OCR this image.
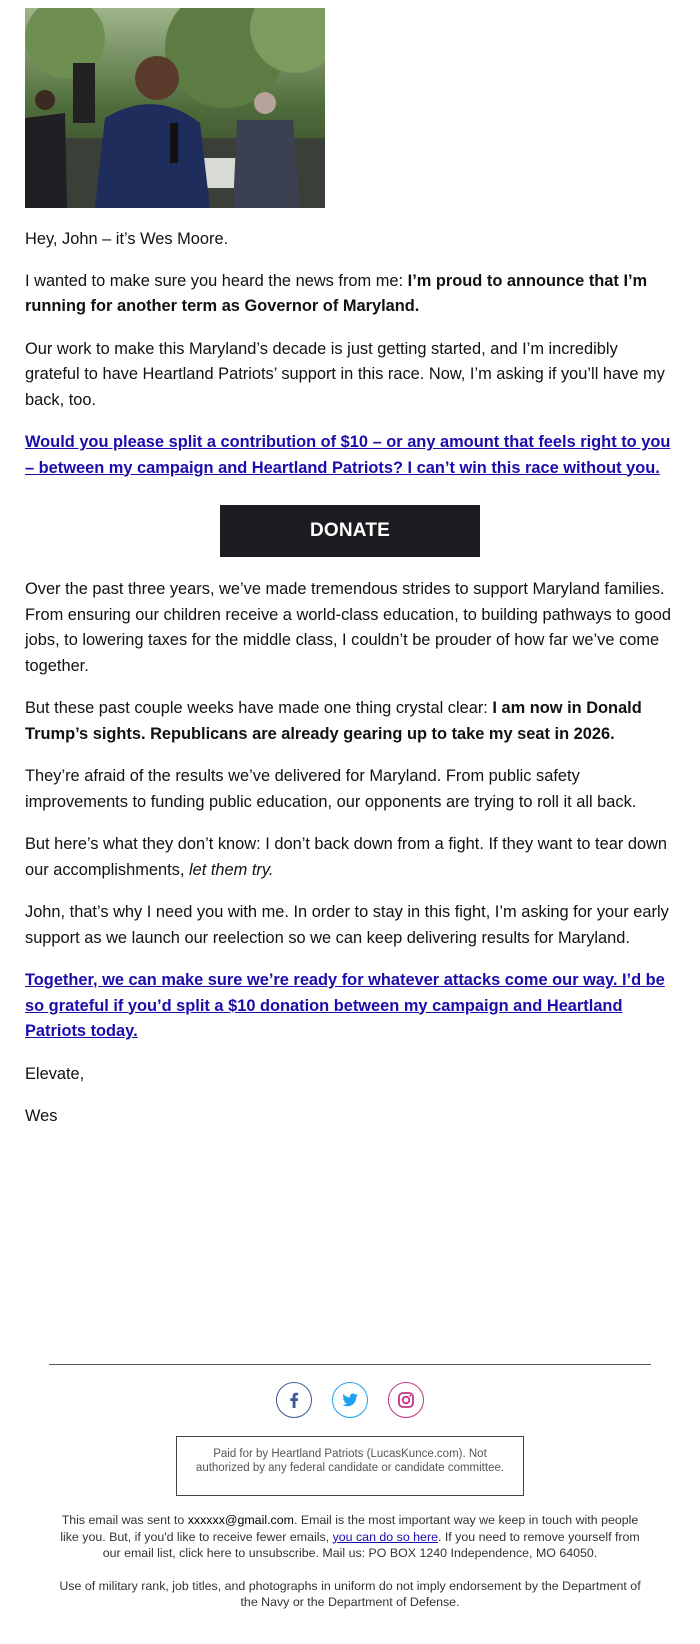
Hey, John – it’s Wes Moore.

I wanted to make sure you heard the news from me: I’m proud to announce that I’m running for another term as Governor of Maryland.

Our work to make this Maryland’s decade is just getting started, and I’m incredibly grateful to have Heartland Patriots’ support in this race. Now, I’m asking if you’ll have my back, too.

Would you please split a contribution of $10 – or any amount that feels right to you – between my campaign and Heartland Patriots? I can’t win this race without you.

DONATE

Over the past three years, we’ve made tremendous strides to support Maryland families. From ensuring our children receive a world-class education, to building pathways to good jobs, to lowering taxes for the middle class, I couldn’t be prouder of how far we’ve come together.

But these past couple weeks have made one thing crystal clear: I am now in Donald Trump’s sights. Republicans are already gearing up to take my seat in 2026.

They’re afraid of the results we’ve delivered for Maryland. From public safety improvements to funding public education, our opponents are trying to roll it all back.

But here’s what they don’t know: I don’t back down from a fight. If they want to tear down our accomplishments, let them try.

John, that’s why I need you with me. In order to stay in this fight, I’m asking for your early support as we launch our reelection so we can keep delivering results for Maryland.

Together, we can make sure we’re ready for whatever attacks come our way. I’d be so grateful if you’d split a $10 donation between my campaign and Heartland Patriots today.

Elevate,

Wes

Paid for by Heartland Patriots (LucasKunce.com). Not authorized by any federal candidate or candidate committee.
This email was sent to xxxxxx@gmail.com. Email is the most important way we keep in touch with people like you. But, if you'd like to receive fewer emails, you can do so here. If you need to remove yourself from our email list, click here to unsubscribe. Mail us: PO BOX 1240 Independence, MO 64050.
Use of military rank, job titles, and photographs in uniform do not imply endorsement by the Department of the Navy or the Department of Defense.
